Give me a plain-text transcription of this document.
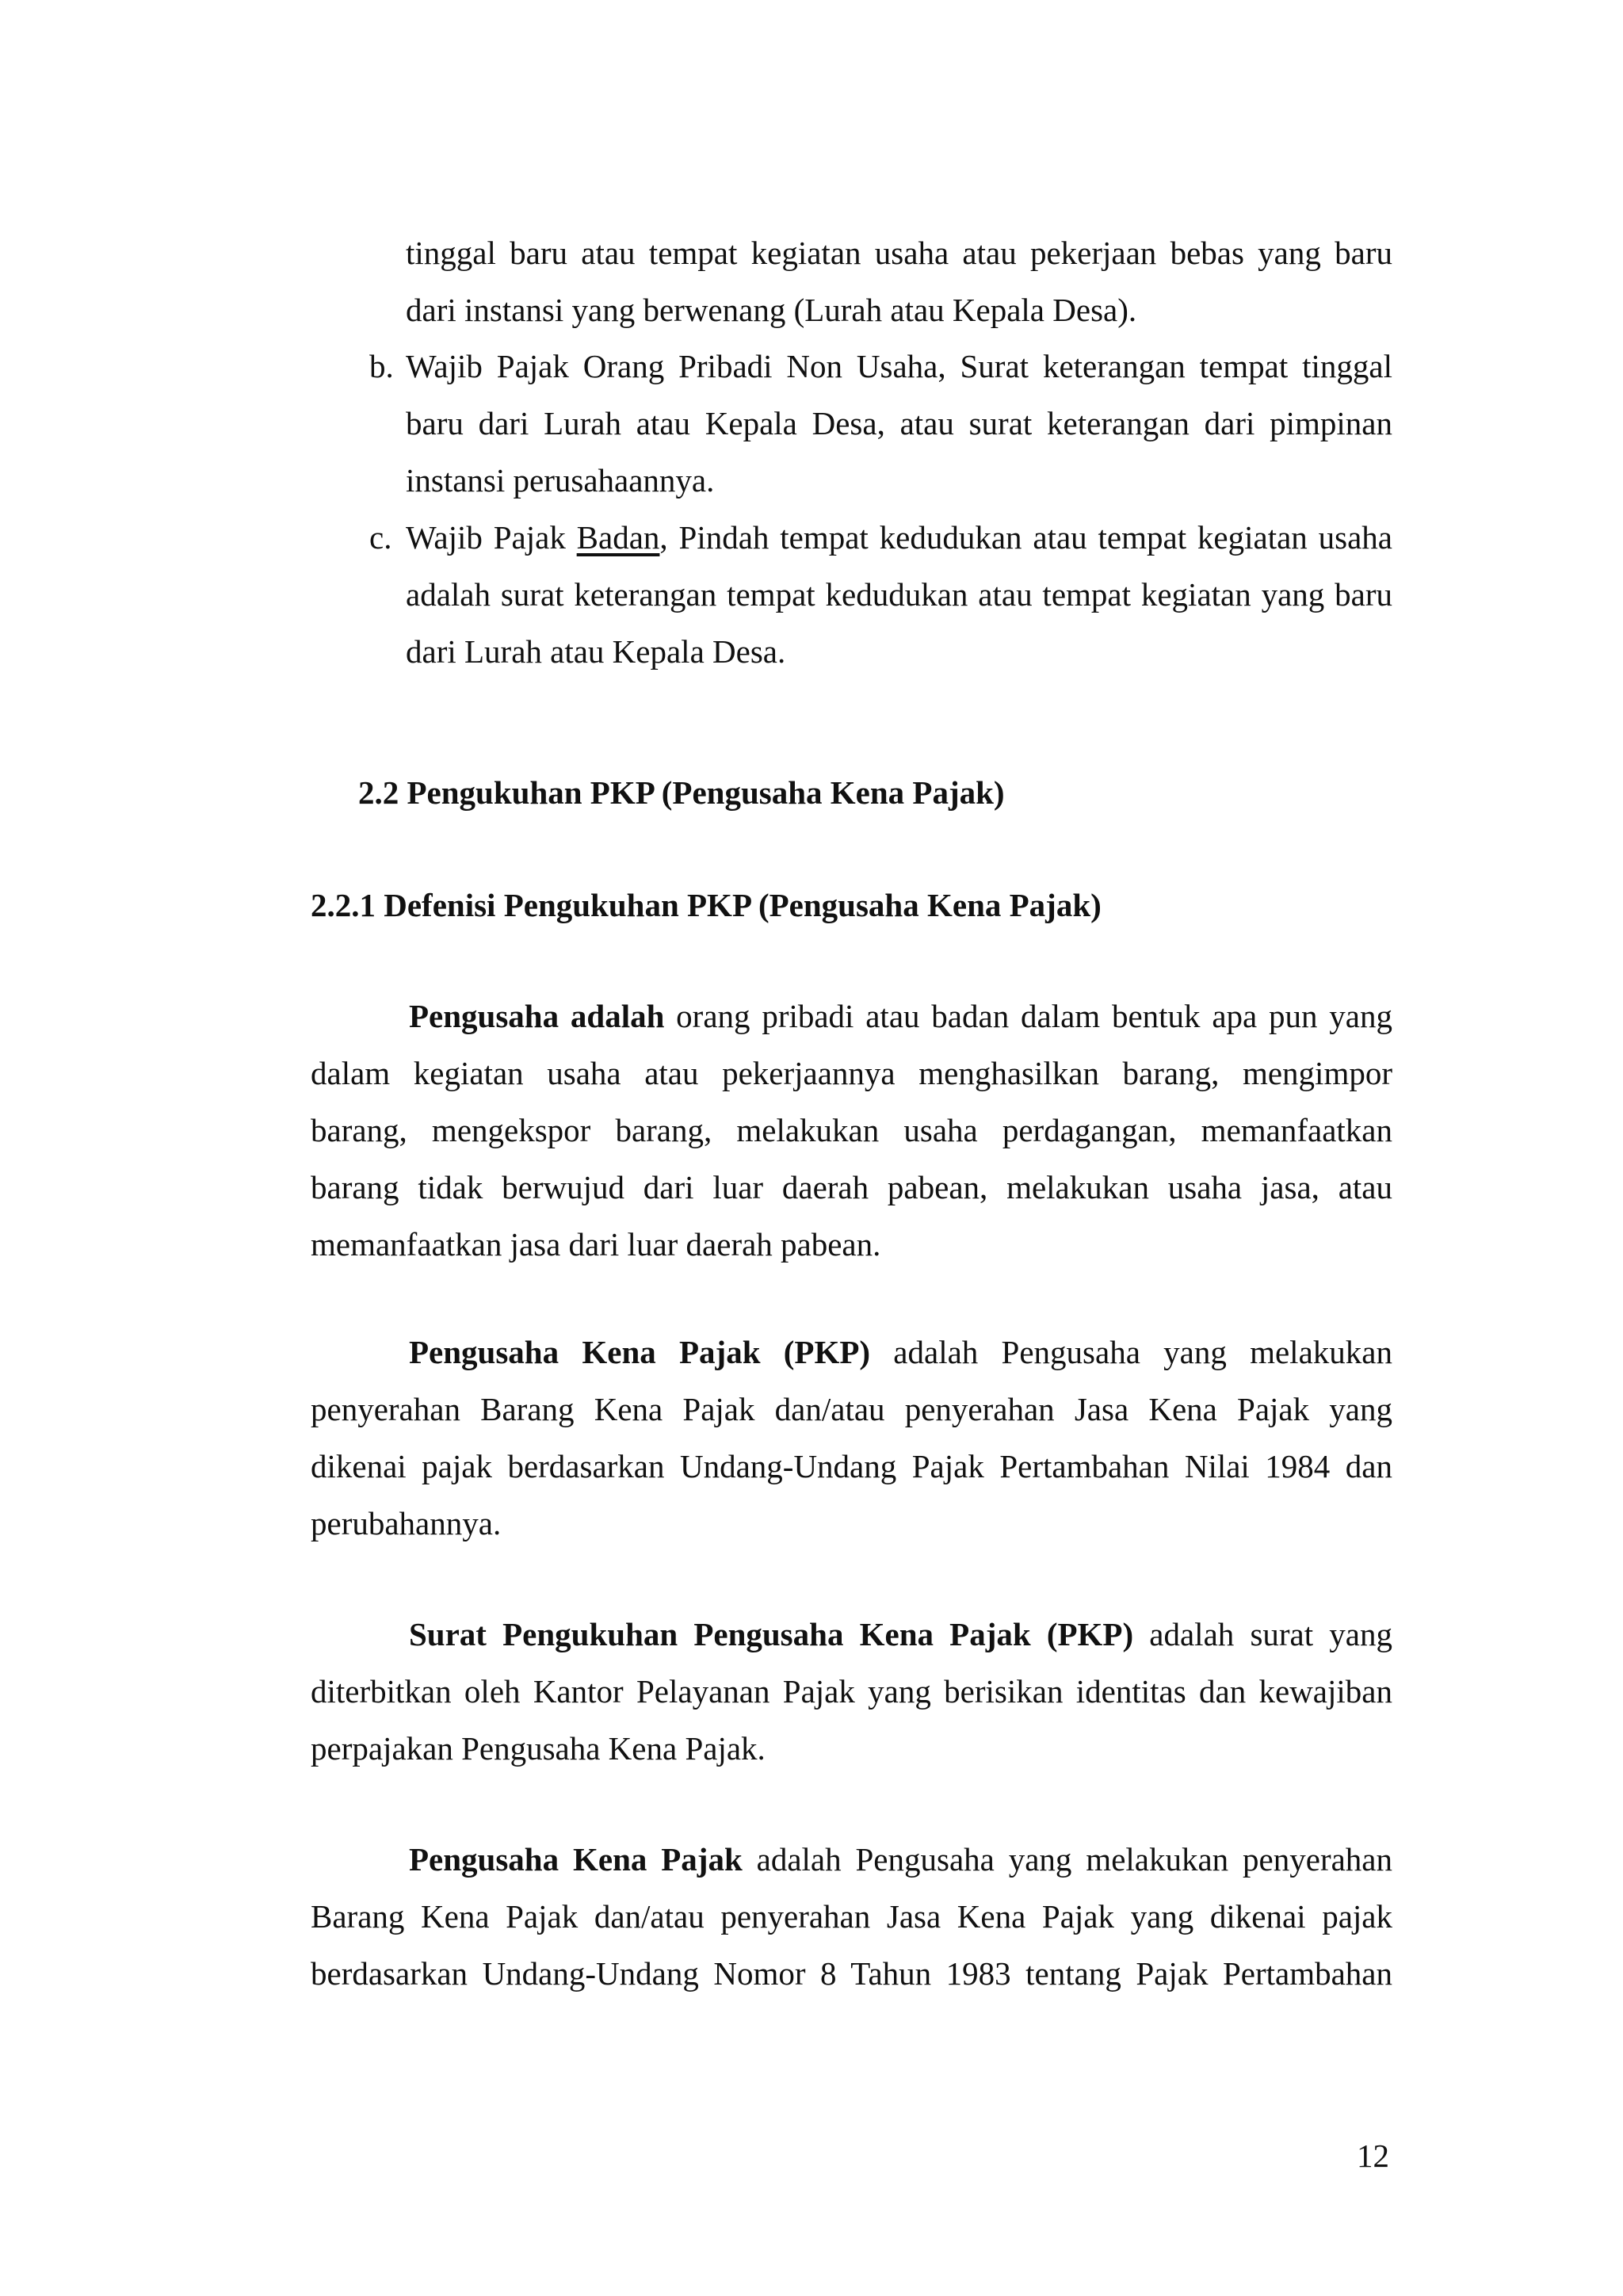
tinggal baru atau tempat kegiatan usaha atau pekerjaan bebas yang baru
dari instansi yang berwenang (Lurah atau Kepala Desa).
b. Wajib Pajak Orang Pribadi Non Usaha, Surat keterangan tempat tinggal
baru dari Lurah atau Kepala Desa, atau surat keterangan dari pimpinan
instansi perusahaannya.
c. Wajib Pajak Badan, Pindah tempat kedudukan atau tempat kegiatan usaha
adalah surat keterangan tempat kedudukan atau tempat kegiatan yang baru
dari Lurah atau Kepala Desa.
2.2 Pengukuhan PKP (Pengusaha Kena Pajak)
2.2.1 Defenisi Pengukuhan PKP (Pengusaha Kena Pajak)
Pengusaha adalah orang pribadi atau badan dalam bentuk apa pun yang
dalam kegiatan usaha atau pekerjaannya menghasilkan barang, mengimpor
barang, mengekspor barang, melakukan usaha perdagangan, memanfaatkan
barang tidak berwujud dari luar daerah pabean, melakukan usaha jasa, atau
memanfaatkan jasa dari luar daerah pabean.
Pengusaha Kena Pajak (PKP) adalah Pengusaha yang melakukan
penyerahan Barang Kena Pajak dan/atau penyerahan Jasa Kena Pajak yang
dikenai pajak berdasarkan Undang-Undang Pajak Pertambahan Nilai 1984 dan
perubahannya.
Surat Pengukuhan Pengusaha Kena Pajak (PKP) adalah surat yang
diterbitkan oleh Kantor Pelayanan Pajak yang berisikan identitas dan kewajiban
perpajakan Pengusaha Kena Pajak.
Pengusaha Kena Pajak adalah Pengusaha yang melakukan penyerahan
Barang Kena Pajak dan/atau penyerahan Jasa Kena Pajak yang dikenai pajak
berdasarkan Undang-Undang Nomor 8 Tahun 1983 tentang Pajak Pertambahan
12
